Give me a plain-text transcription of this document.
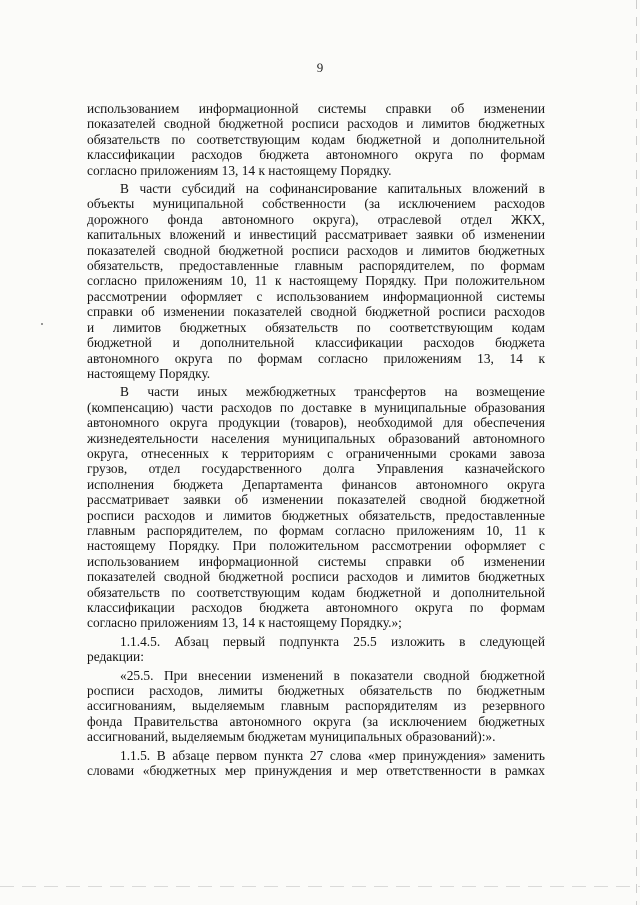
9
использованием информационной системы справки об изменении
показателей сводной бюджетной росписи расходов и лимитов бюджетных
обязательств по соответствующим кодам бюджетной и дополнительной
классификации расходов бюджета автономного округа по формам
согласно приложениям 13, 14 к настоящему Порядку.
В части субсидий на софинансирование капитальных вложений в
объекты муниципальной собственности (за исключением расходов
дорожного фонда автономного округа), отраслевой отдел ЖКХ,
капитальных вложений и инвестиций рассматривает заявки об изменении
показателей сводной бюджетной росписи расходов и лимитов бюджетных
обязательств, предоставленные главным распорядителем, по формам
согласно приложениям 10, 11 к настоящему Порядку. При положительном
рассмотрении оформляет с использованием информационной системы
справки об изменении показателей сводной бюджетной росписи расходов
и лимитов бюджетных обязательств по соответствующим кодам
бюджетной и дополнительной классификации расходов бюджета
автономного округа по формам согласно приложениям 13, 14 к
настоящему Порядку.
В части иных межбюджетных трансфертов на возмещение
(компенсацию) части расходов по доставке в муниципальные образования
автономного округа продукции (товаров), необходимой для обеспечения
жизнедеятельности населения муниципальных образований автономного
округа, отнесенных к территориям с ограниченными сроками завоза
грузов, отдел государственного долга Управления казначейского
исполнения бюджета Департамента финансов автономного округа
рассматривает заявки об изменении показателей сводной бюджетной
росписи расходов и лимитов бюджетных обязательств, предоставленные
главным распорядителем, по формам согласно приложениям 10, 11 к
настоящему Порядку. При положительном рассмотрении оформляет с
использованием информационной системы справки об изменении
показателей сводной бюджетной росписи расходов и лимитов бюджетных
обязательств по соответствующим кодам бюджетной и дополнительной
классификации расходов бюджета автономного округа по формам
согласно приложениям 13, 14 к настоящему Порядку.»;
1.1.4.5. Абзац первый подпункта 25.5 изложить в следующей
редакции:
«25.5. При внесении изменений в показатели сводной бюджетной
росписи расходов, лимиты бюджетных обязательств по бюджетным
ассигнованиям, выделяемым главным распорядителям из резервного
фонда Правительства автономного округа (за исключением бюджетных
ассигнований, выделяемым бюджетам муниципальных образований):».
1.1.5. В абзаце первом пункта 27 слова «мер принуждения» заменить
словами «бюджетных мер принуждения и мер ответственности в рамках
